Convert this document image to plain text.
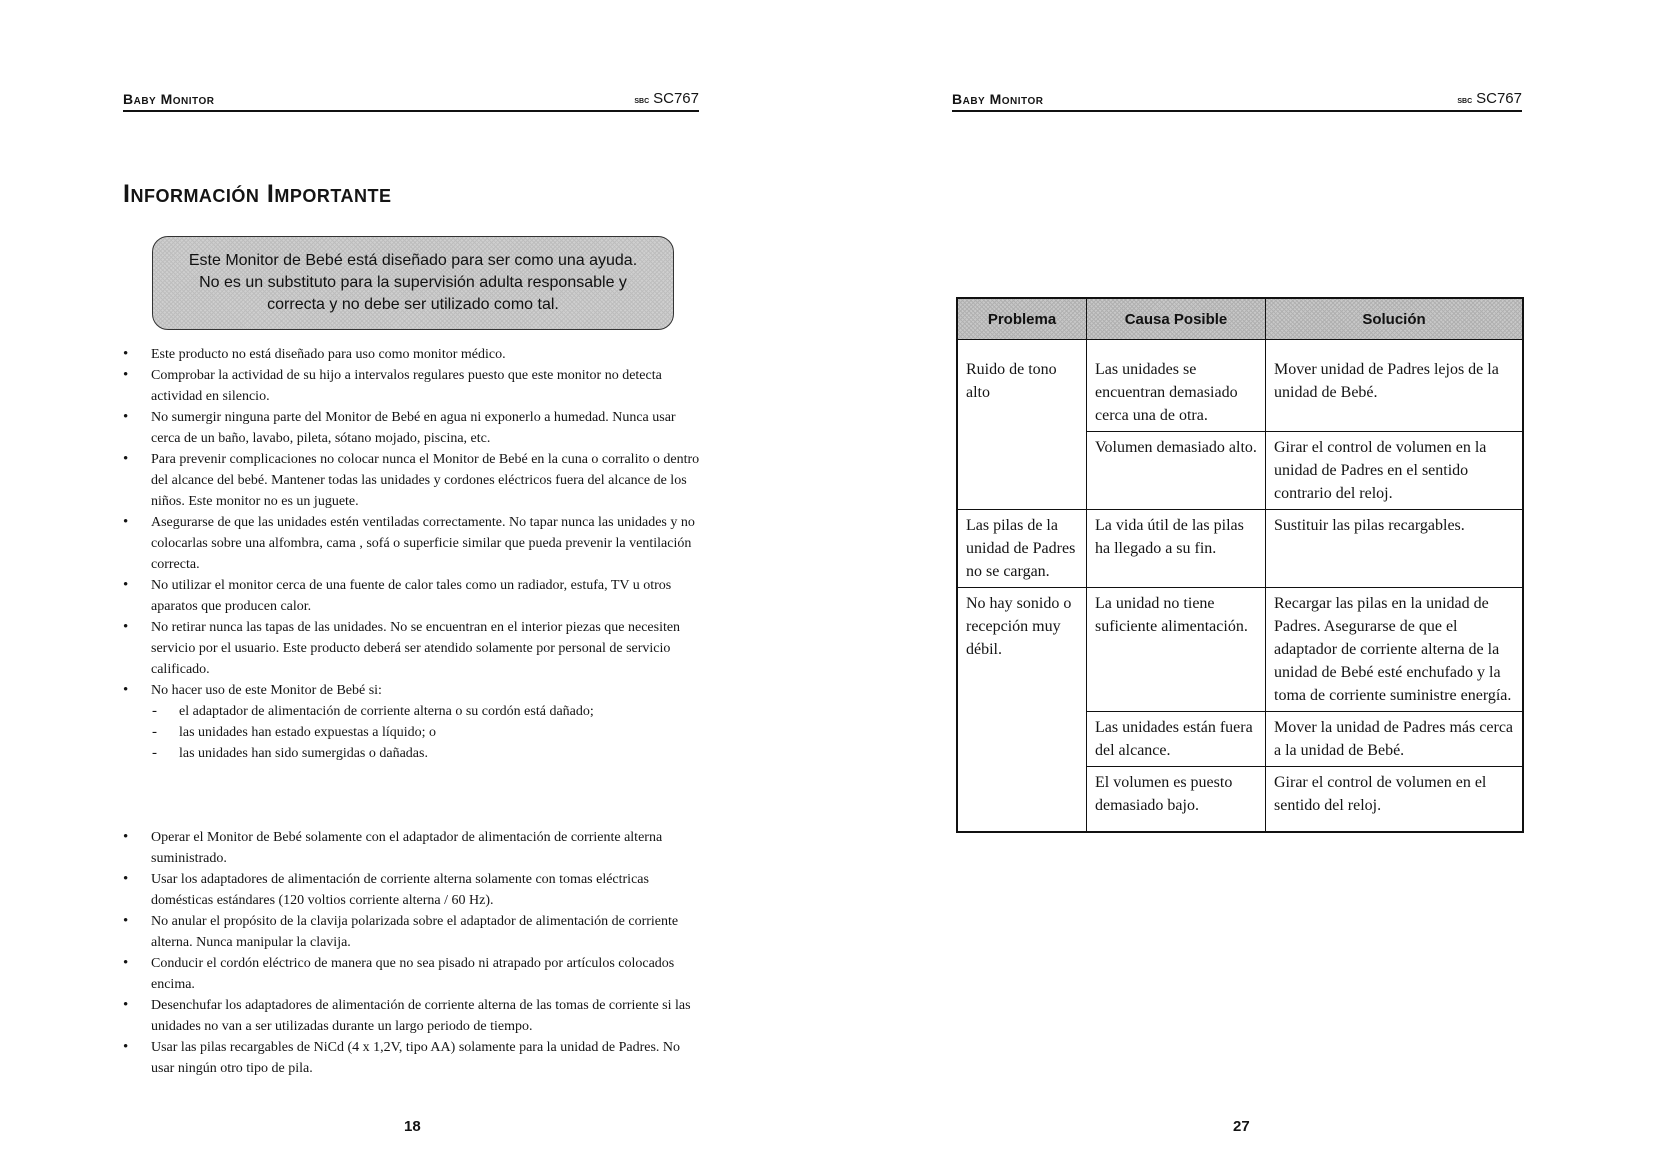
Baby Monitor	sbc SC767
Información Importante
Este Monitor de Bebé está diseñado para ser como una ayuda.
No es un substituto para la supervisión adulta responsable y
correcta y no debe ser utilizado como tal.
• Este producto no está diseñado para uso como monitor médico.
• Comprobar la actividad de su hijo a intervalos regulares puesto que este monitor no detecta actividad en silencio.
• No sumergir ninguna parte del Monitor de Bebé en agua ni exponerlo a humedad. Nunca usar cerca de un baño, lavabo, pileta, sótano mojado, piscina, etc.
• Para prevenir complicaciones no colocar nunca el Monitor de Bebé en la cuna o corralito o dentro del alcance del bebé. Mantener todas las unidades y cordones eléctricos fuera del alcance de los niños. Este monitor no es un juguete.
• Asegurarse de que las unidades estén ventiladas correctamente. No tapar nunca las unidades y no colocarlas sobre una alfombra, cama , sofá o superficie similar que pueda prevenir la ventilación correcta.
• No utilizar el monitor cerca de una fuente de calor tales como un radiador, estufa, TV u otros aparatos que producen calor.
• No retirar nunca las tapas de las unidades. No se encuentran en el interior piezas que necesiten servicio por el usuario. Este producto deberá ser atendido solamente por personal de servicio calificado.
• No hacer uso de este Monitor de Bebé si:
- el adaptador de alimentación de corriente alterna o su cordón está dañado;
- las unidades han estado expuestas a líquido; o
- las unidades han sido sumergidas o dañadas.
• Operar el Monitor de Bebé solamente con el adaptador de alimentación de corriente alterna suministrado.
• Usar los adaptadores de alimentación de corriente alterna solamente con tomas eléctricas domésticas estándares (120 voltios corriente alterna / 60 Hz).
• No anular el propósito de la clavija polarizada sobre el adaptador de alimentación de corriente alterna. Nunca manipular la clavija.
• Conducir el cordón eléctrico de manera que no sea pisado ni atrapado por artículos colocados encima.
• Desenchufar los adaptadores de alimentación de corriente alterna de las tomas de corriente si las unidades no van a ser utilizadas durante un largo periodo de tiempo.
• Usar las pilas recargables de NiCd (4 x 1,2V, tipo AA) solamente para la unidad de Padres. No usar ningún otro tipo de pila.
18
Baby Monitor	sbc SC767
Problema	Causa Posible	Solución
Ruido de tono alto	Las unidades se encuentran demasiado cerca una de otra.	Mover unidad de Padres lejos de la unidad de Bebé.
	Volumen demasiado alto.	Girar el control de volumen en la unidad de Padres en el sentido contrario del reloj.
Las pilas de la unidad de Padres no se cargan.	La vida útil de las pilas ha llegado a su fin.	Sustituir las pilas recargables.
No hay sonido o recepción muy débil.	La unidad no tiene suficiente alimentación.	Recargar las pilas en la unidad de Padres. Asegurarse de que el adaptador de corriente alterna de la unidad de Bebé esté enchufado y la toma de corriente suministre energía.
	Las unidades están fuera del alcance.	Mover la unidad de Padres más cerca a la unidad de Bebé.
	El volumen es puesto demasiado bajo.	Girar el control de volumen en el sentido del reloj.
27
